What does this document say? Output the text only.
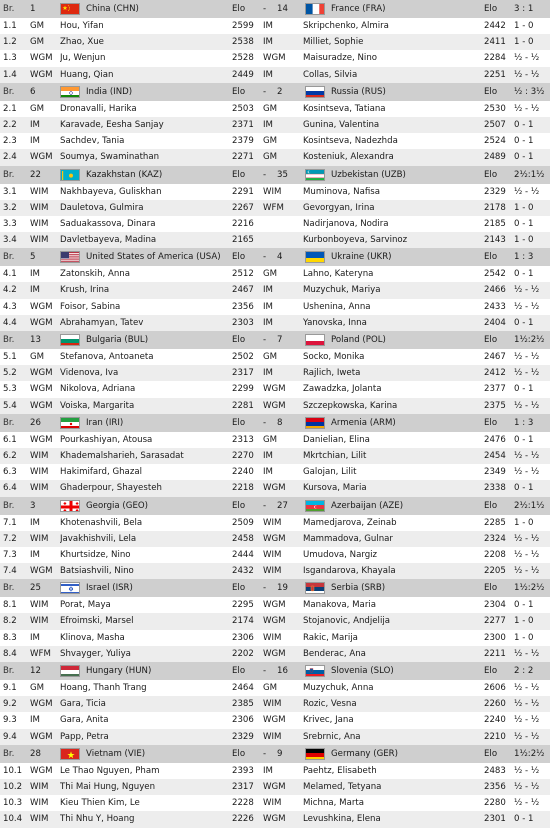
Br.	1	China (CHN)	Elo	-	14	France (FRA)	Elo	3 : 1
1.1	GM	Hou, Yifan	2599	IM	Skripchenko, Almira	2442 1 - 0
1.2	GM	Zhao, Xue	2538	IM	Milliet, Sophie	2411 1 - 0
1.3	WGM Ju, Wenjun	2528	WGM	Maisuradze, Nino	2284 ½ - ½
1.4	WGM Huang, Qian	2449	IM	Collas, Silvia	2251 ½ - ½
Br.	6	India (IND)	Elo	-	2	Russia (RUS)	Elo	½ : 3½
2.1	GM	Dronavalli, Harika	2503	GM	Kosintseva, Tatiana	2530 ½ - ½
2.2	IM	Karavade, Eesha Sanjay	2371	IM	Gunina, Valentina	2507 0 - 1
2.3	IM	Sachdev, Tania	2379	GM	Kosintseva, Nadezhda	2524 0 - 1
2.4	WGM Soumya, Swaminathan	2271	GM	Kosteniuk, Alexandra	2489 0 - 1
Br.	22	Kazakhstan (KAZ)	Elo	-	35	Uzbekistan (UZB)	Elo	2½:1½
3.1	WIM	Nakhbayeva, Guliskhan	2291	WIM	Muminova, Nafisa	2329 ½ - ½
3.2	WIM	Dauletova, Gulmira	2267	WFM	Gevorgyan, Irina	2178 1 - 0
3.3	WIM	Saduakassova, Dinara	2216	Nadirjanova, Nodira	2185 0 - 1
3.4	WIM	Davletbayeva, Madina	2165	Kurbonboyeva, Sarvinoz	2143 1 - 0
Br.	5	United States of America (USA)	Elo	-	4	Ukraine (UKR)	Elo	1 : 3
4.1	IM	Zatonskih, Anna	2512	GM	Lahno, Kateryna	2542 0 - 1
4.2	IM	Krush, Irina	2467	IM	Muzychuk, Mariya	2466 ½ - ½
4.3	WGM Foisor, Sabina	2356	IM	Ushenina, Anna	2433 ½ - ½
4.4	WGM Abrahamyan, Tatev	2303	IM	Yanovska, Inna	2404 0 - 1
Br.	13	Bulgaria (BUL)	Elo	-	7	Poland (POL)	Elo	1½:2½
5.1	GM	Stefanova, Antoaneta	2502	GM	Socko, Monika	2467 ½ - ½
5.2	WGM Videnova, Iva	2317	IM	Rajlich, Iweta	2412 ½ - ½
5.3	WGM Nikolova, Adriana	2299	WGM	Zawadzka, Jolanta	2377 0 - 1
5.4	WGM Voiska, Margarita	2281	WGM	Szczepkowska, Karina	2375 ½ - ½
Br.	26	Iran (IRI)	Elo	-	8	Armenia (ARM)	Elo	1 : 3
6.1	WGM Pourkashiyan, Atousa	2313	GM	Danielian, Elina	2476 0 - 1
6.2	WIM	Khademalsharieh, Sarasadat	2270	IM	Mkrtchian, Lilit	2454 ½ - ½
6.3	WIM	Hakimifard, Ghazal	2240	IM	Galojan, Lilit	2349 ½ - ½
6.4	WIM	Ghaderpour, Shayesteh	2218	WGM	Kursova, Maria	2338 0 - 1
Br.	3	Georgia (GEO)	Elo	-	27	Azerbaijan (AZE)	Elo	2½:1½
7.1	IM	Khotenashvili, Bela	2509	WIM	Mamedjarova, Zeinab	2285 1 - 0
7.2	WIM	Javakhishvili, Lela	2458	WGM	Mammadova, Gulnar	2324 ½ - ½
7.3	IM	Khurtsidze, Nino	2444	WIM	Umudova, Nargiz	2208 ½ - ½
7.4	WGM Batsiashvili, Nino	2432	WIM	Isgandarova, Khayala	2205 ½ - ½
Br.	25	Israel (ISR)	Elo	-	19	Serbia (SRB)	Elo	1½:2½
8.1	WIM	Porat, Maya	2295	WGM	Manakova, Maria	2304 0 - 1
8.2	WIM	Efroimski, Marsel	2174	WGM	Stojanovic, Andjelija	2277 1 - 0
8.3	IM	Klinova, Masha	2306	WIM	Rakic, Marija	2300 1 - 0
8.4	WFM	Shvayger, Yuliya	2202	WGM	Benderac, Ana	2211 ½ - ½
Br.	12	Hungary (HUN)	Elo	-	16	Slovenia (SLO)	Elo	2 : 2
9.1	GM	Hoang, Thanh Trang	2464	GM	Muzychuk, Anna	2606 ½ - ½
9.2	WGM Gara, Ticia	2385	WIM	Rozic, Vesna	2260 ½ - ½
9.3	IM	Gara, Anita	2306	WGM	Krivec, Jana	2240 ½ - ½
9.4	WGM Papp, Petra	2329	WIM	Srebrnic, Ana	2210 ½ - ½
Br.	28	Vietnam (VIE)	Elo	-	9	Germany (GER)	Elo	1½:2½
10.1 WGM Le Thao Nguyen, Pham	2393	IM	Paehtz, Elisabeth	2483 ½ - ½
10.2 WIM	Thi Mai Hung, Nguyen	2317	WGM	Melamed, Tetyana	2356 ½ - ½
10.3 WIM	Kieu Thien Kim, Le	2228	WIM	Michna, Marta	2280 ½ - ½
10.4 WIM	Thi Nhu Y, Hoang	2226	WGM	Levushkina, Elena	2301 0 - 1
